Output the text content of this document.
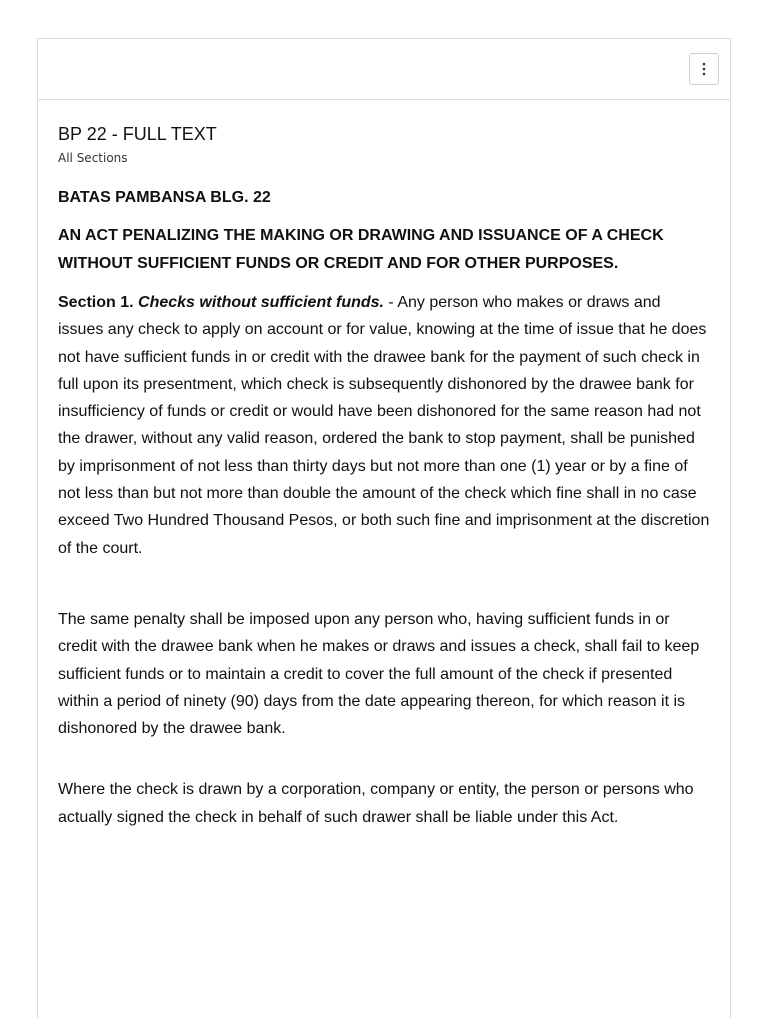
BP 22 - FULL TEXT

All Sections

BATAS PAMBANSA BLG. 22

AN ACT PENALIZING THE MAKING OR DRAWING AND ISSUANCE OF A CHECK WITHOUT SUFFICIENT FUNDS OR CREDIT AND FOR OTHER PURPOSES.

Section 1. Checks without sufficient funds. - Any person who makes or draws and issues any check to apply on account or for value, knowing at the time of issue that he does not have sufficient funds in or credit with the drawee bank for the payment of such check in full upon its presentment, which check is subsequently dishonored by the drawee bank for insufficiency of funds or credit or would have been dishonored for the same reason had not the drawer, without any valid reason, ordered the bank to stop payment, shall be punished by imprisonment of not less than thirty days but not more than one (1) year or by a fine of not less than but not more than double the amount of the check which fine shall in no case exceed Two Hundred Thousand Pesos, or both such fine and imprisonment at the discretion of the court.

The same penalty shall be imposed upon any person who, having sufficient funds in or credit with the drawee bank when he makes or draws and issues a check, shall fail to keep sufficient funds or to maintain a credit to cover the full amount of the check if presented within a period of ninety (90) days from the date appearing thereon, for which reason it is dishonored by the drawee bank.

Where the check is drawn by a corporation, company or entity, the person or persons who actually signed the check in behalf of such drawer shall be liable under this Act.
